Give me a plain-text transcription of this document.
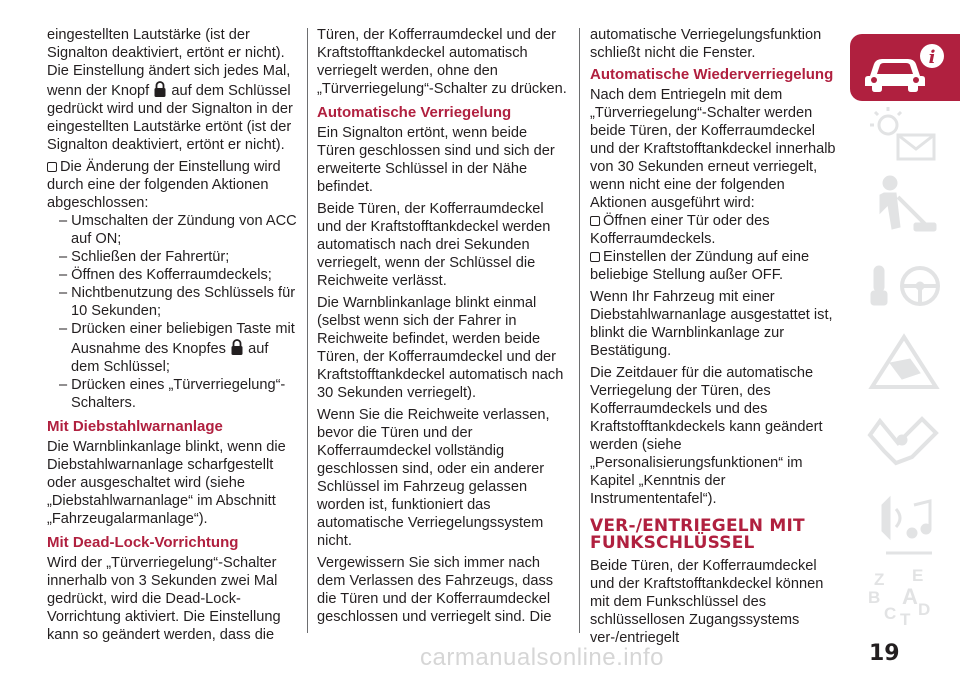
eingestellten Lautstärke (ist der Signalton deaktiviert, ertönt er nicht). Die Einstellung ändert sich jedes Mal, wenn der Knopf auf dem Schlüssel gedrückt wird und der Signalton in der eingestellten Lautstärke ertönt (ist der Signalton deaktiviert, ertönt er nicht).

Die Änderung der Einstellung wird durch eine der folgenden Aktionen abgeschlossen:

– Umschalten der Zündung von ACC auf ON;

– Schließen der Fahrertür;

– Öffnen des Kofferraumdeckels;

– Nichtbenutzung des Schlüssels für 10 Sekunden;

– Drücken einer beliebigen Taste mit Ausnahme des Knopfes auf dem Schlüssel;

– Drücken eines „Türverriegelung“-Schalters.

Mit Diebstahlwarnanlage

Die Warnblinkanlage blinkt, wenn die Diebstahlwarnanlage scharfgestellt oder ausgeschaltet wird (siehe „Diebstahlwarnanlage“ im Abschnitt „Fahrzeugalarmanlage“).

Mit Dead-Lock-Vorrichtung

Wird der „Türverriegelung“-Schalter innerhalb von 3 Sekunden zwei Mal gedrückt, wird die Dead-Lock-Vorrichtung aktiviert. Die Einstellung kann so geändert werden, dass die

Türen, der Kofferraumdeckel und der Kraftstofftankdeckel automatisch verriegelt werden, ohne den „Türverriegelung“-Schalter zu drücken.

Automatische Verriegelung

Ein Signalton ertönt, wenn beide Türen geschlossen sind und sich der erweiterte Schlüssel in der Nähe befindet.

Beide Türen, der Kofferraumdeckel und der Kraftstofftankdeckel werden automatisch nach drei Sekunden verriegelt, wenn der Schlüssel die Reichweite verlässt.

Die Warnblinkanlage blinkt einmal (selbst wenn sich der Fahrer in Reichweite befindet, werden beide Türen, der Kofferraumdeckel und der Kraftstofftankdeckel automatisch nach 30 Sekunden verriegelt).

Wenn Sie die Reichweite verlassen, bevor die Türen und der Kofferraumdeckel vollständig geschlossen sind, oder ein anderer Schlüssel im Fahrzeug gelassen worden ist, funktioniert das automatische Verriegelungssystem nicht.

Vergewissern Sie sich immer nach dem Verlassen des Fahrzeugs, dass die Türen und der Kofferraumdeckel geschlossen und verriegelt sind. Die

automatische Verriegelungsfunktion schließt nicht die Fenster.

Automatische Wiederverriegelung

Nach dem Entriegeln mit dem „Türverriegelung“-Schalter werden beide Türen, der Kofferraumdeckel und der Kraftstofftankdeckel innerhalb von 30 Sekunden erneut verriegelt, wenn nicht eine der folgenden Aktionen ausgeführt wird:

Öffnen einer Tür oder des Kofferraumdeckels.

Einstellen der Zündung auf eine beliebige Stellung außer OFF.

Wenn Ihr Fahrzeug mit einer Diebstahlwarnanlage ausgestattet ist, blinkt die Warnblinkanlage zur Bestätigung.

Die Zeitdauer für die automatische Verriegelung der Türen, des Kofferraumdeckels und des Kraftstofftankdeckels kann geändert werden (siehe „Personalisierungsfunktionen“ im Kapitel „Kenntnis der Instrumententafel“).

VER-/ENTRIEGELN MIT FUNKSCHLÜSSEL

Beide Türen, der Kofferraumdeckel und der Kraftstofftankdeckel können mit dem Funkschlüssel des schlüssellosen Zugangssystems ver-/entriegelt

i
Z E
B A
C T
D
carmanualsonline.info	19
